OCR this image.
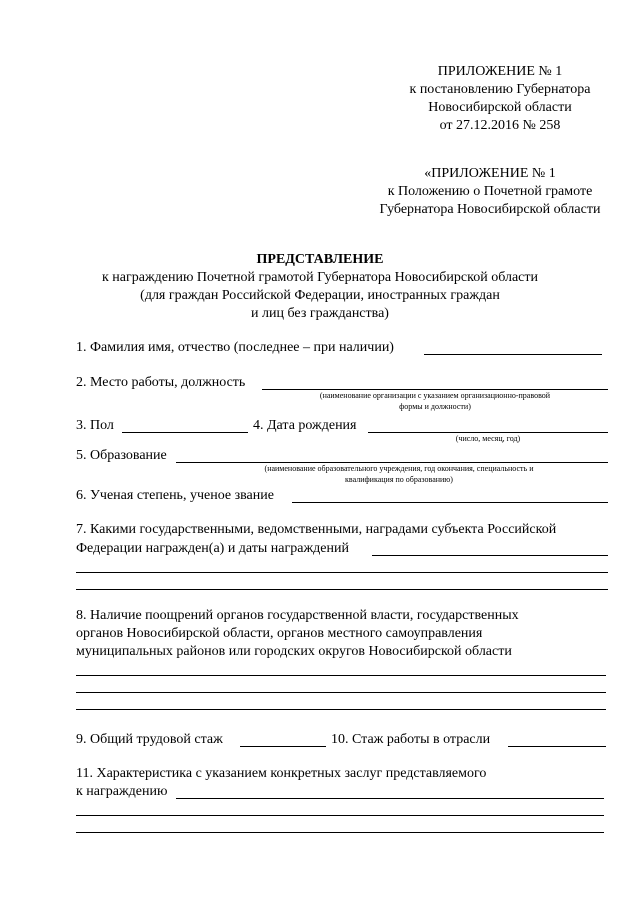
ПРИЛОЖЕНИЕ № 1
к постановлению Губернатора
Новосибирской области
от 27.12.2016 № 258
«ПРИЛОЖЕНИЕ № 1
к Положению о Почетной грамоте
Губернатора Новосибирской области
ПРЕДСТАВЛЕНИЕ
к награждению Почетной грамотой Губернатора Новосибирской области
(для граждан Российской Федерации, иностранных граждан
и лиц без гражданства)
1. Фамилия имя, отчество (последнее – при наличии)
2. Место работы, должность
(наименование организации с указанием организационно-правовой
формы и должности)
3. Пол	4. Дата рождения
(число, месяц, год)
5. Образование
(наименование образовательного учреждения, год окончания, специальность и
квалификация по образованию)
6. Ученая степень, ученое звание
7. Какими государственными, ведомственными, наградами субъекта Российской
Федерации награжден(а) и даты награждений
8. Наличие поощрений органов государственной власти, государственных
органов Новосибирской области, органов местного самоуправления
муниципальных районов или городских округов Новосибирской области
9. Общий трудовой стаж	10. Стаж работы в отрасли
11. Характеристика с указанием конкретных заслуг представляемого
к награждению
